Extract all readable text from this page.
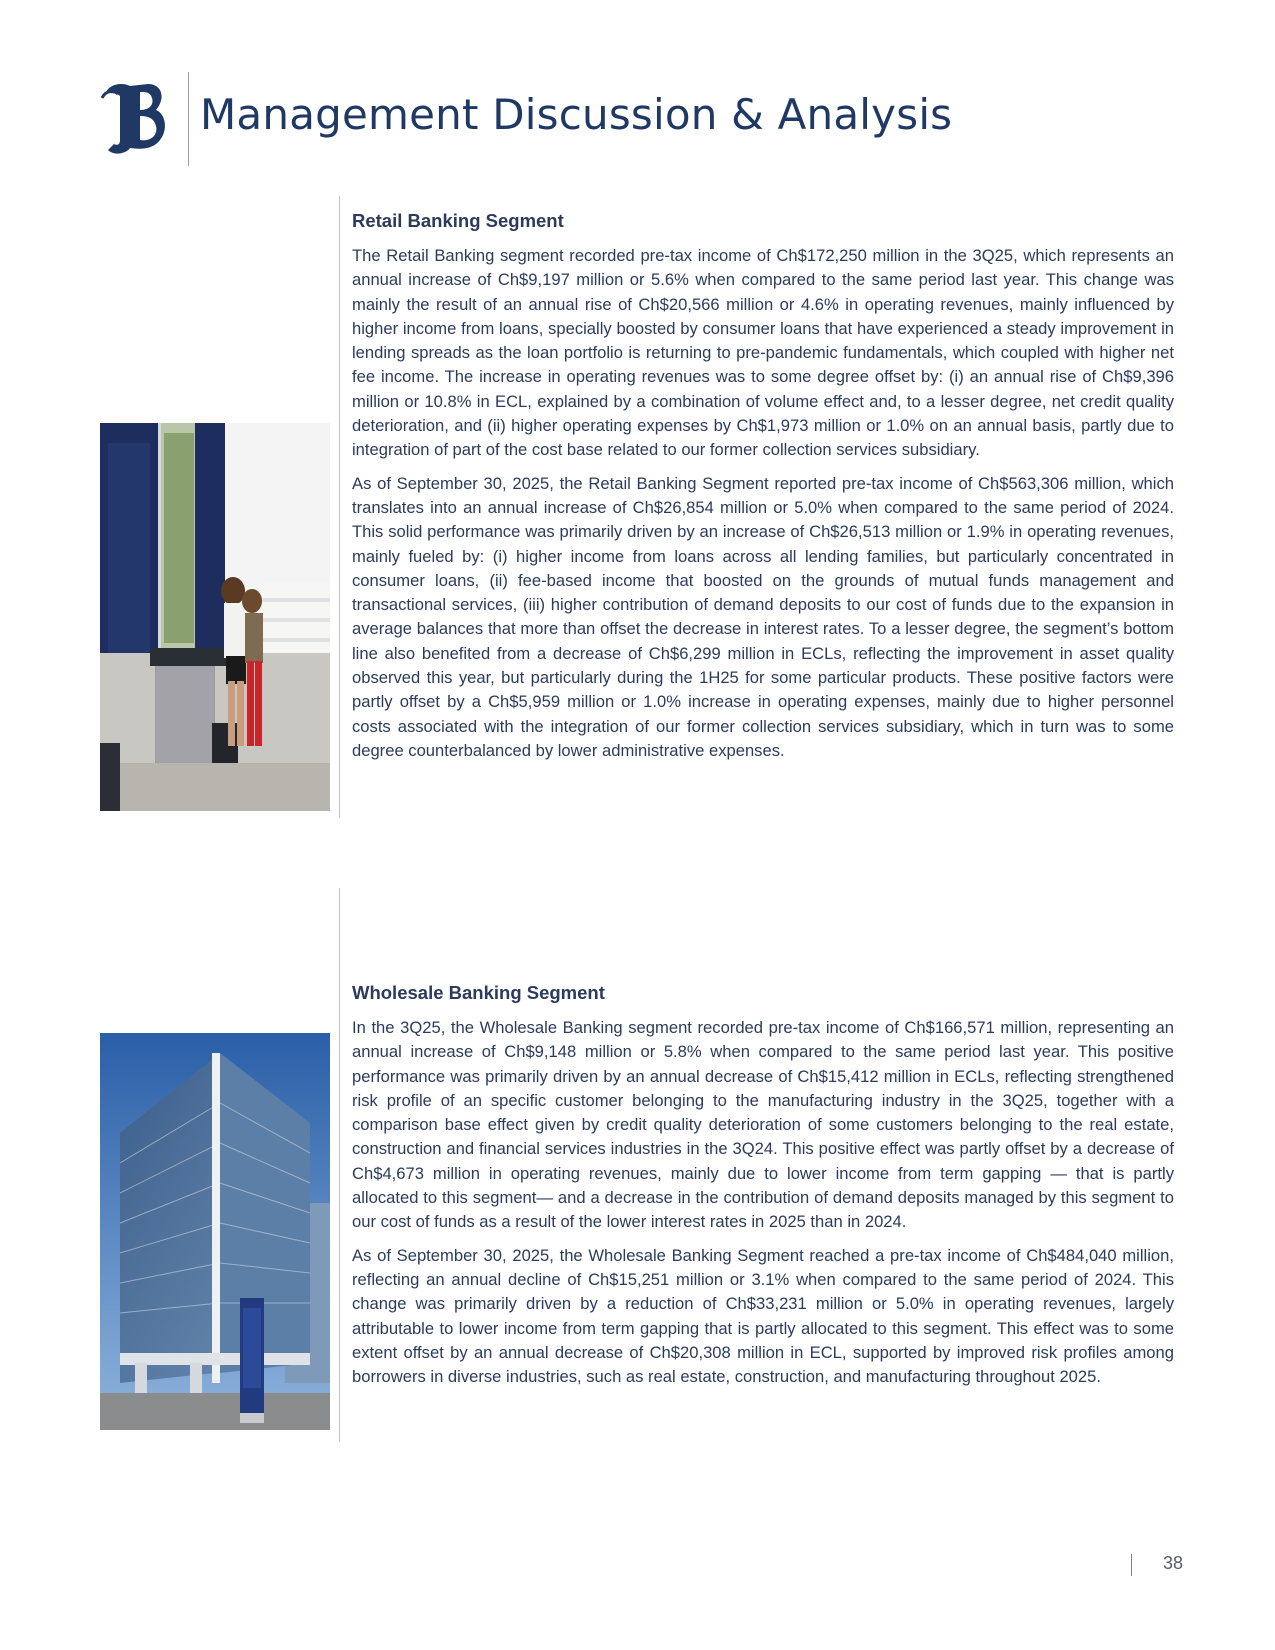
Management Discussion & Analysis
Retail Banking Segment

The Retail Banking segment recorded pre-tax income of Ch$172,250 million in the 3Q25, which represents an annual increase of Ch$9,197 million or 5.6% when compared to the same period last year. This change was mainly the result of an annual rise of Ch$20,566 million or 4.6% in operating revenues, mainly influenced by higher income from loans, specially boosted by consumer loans that have experienced a steady improvement in lending spreads as the loan portfolio is returning to pre-pandemic fundamentals, which coupled with higher net fee income. The increase in operating revenues was to some degree offset by: (i) an annual rise of Ch$9,396 million or 10.8% in ECL, explained by a combination of volume effect and, to a lesser degree, net credit quality deterioration, and (ii) higher operating expenses by Ch$1,973 million or 1.0% on an annual basis, partly due to integration of part of the cost base related to our former collection services subsidiary.

As of September 30, 2025, the Retail Banking Segment reported pre-tax income of Ch$563,306 million, which translates into an annual increase of Ch$26,854 million or 5.0% when compared to the same period of 2024. This solid performance was primarily driven by an increase of Ch$26,513 million or 1.9% in operating revenues, mainly fueled by: (i) higher income from loans across all lending families, but particularly concentrated in consumer loans, (ii) fee-based income that boosted on the grounds of mutual funds management and transactional services, (iii) higher contribution of demand deposits to our cost of funds due to the expansion in average balances that more than offset the decrease in interest rates. To a lesser degree, the segment’s bottom line also benefited from a decrease of Ch$6,299 million in ECLs, reflecting the improvement in asset quality observed this year, but particularly during the 1H25 for some particular products. These positive factors were partly offset by a Ch$5,959 million or 1.0% increase in operating expenses, mainly due to higher personnel costs associated with the integration of our former collection services subsidiary, which in turn was to some degree counterbalanced by lower administrative expenses.

Wholesale Banking Segment

In the 3Q25, the Wholesale Banking segment recorded pre-tax income of Ch$166,571 million, representing an annual increase of Ch$9,148 million or 5.8% when compared to the same period last year. This positive performance was primarily driven by an annual decrease of Ch$15,412 million in ECLs, reflecting strengthened risk profile of an specific customer belonging to the manufacturing industry in the 3Q25, together with a comparison base effect given by credit quality deterioration of some customers belonging to the real estate, construction and financial services industries in the 3Q24. This positive effect was partly offset by a decrease of Ch$4,673 million in operating revenues, mainly due to lower income from term gapping — that is partly allocated to this segment— and a decrease in the contribution of demand deposits managed by this segment to our cost of funds as a result of the lower interest rates in 2025 than in 2024.

As of September 30, 2025, the Wholesale Banking Segment reached a pre-tax income of Ch$484,040 million, reflecting an annual decline of Ch$15,251 million or 3.1% when compared to the same period of 2024. This change was primarily driven by a reduction of Ch$33,231 million or 5.0% in operating revenues, largely attributable to lower income from term gapping that is partly allocated to this segment. This effect was to some extent offset by an annual decrease of Ch$20,308 million in ECL, supported by improved risk profiles among borrowers in diverse industries, such as real estate, construction, and manufacturing throughout 2025.

38
